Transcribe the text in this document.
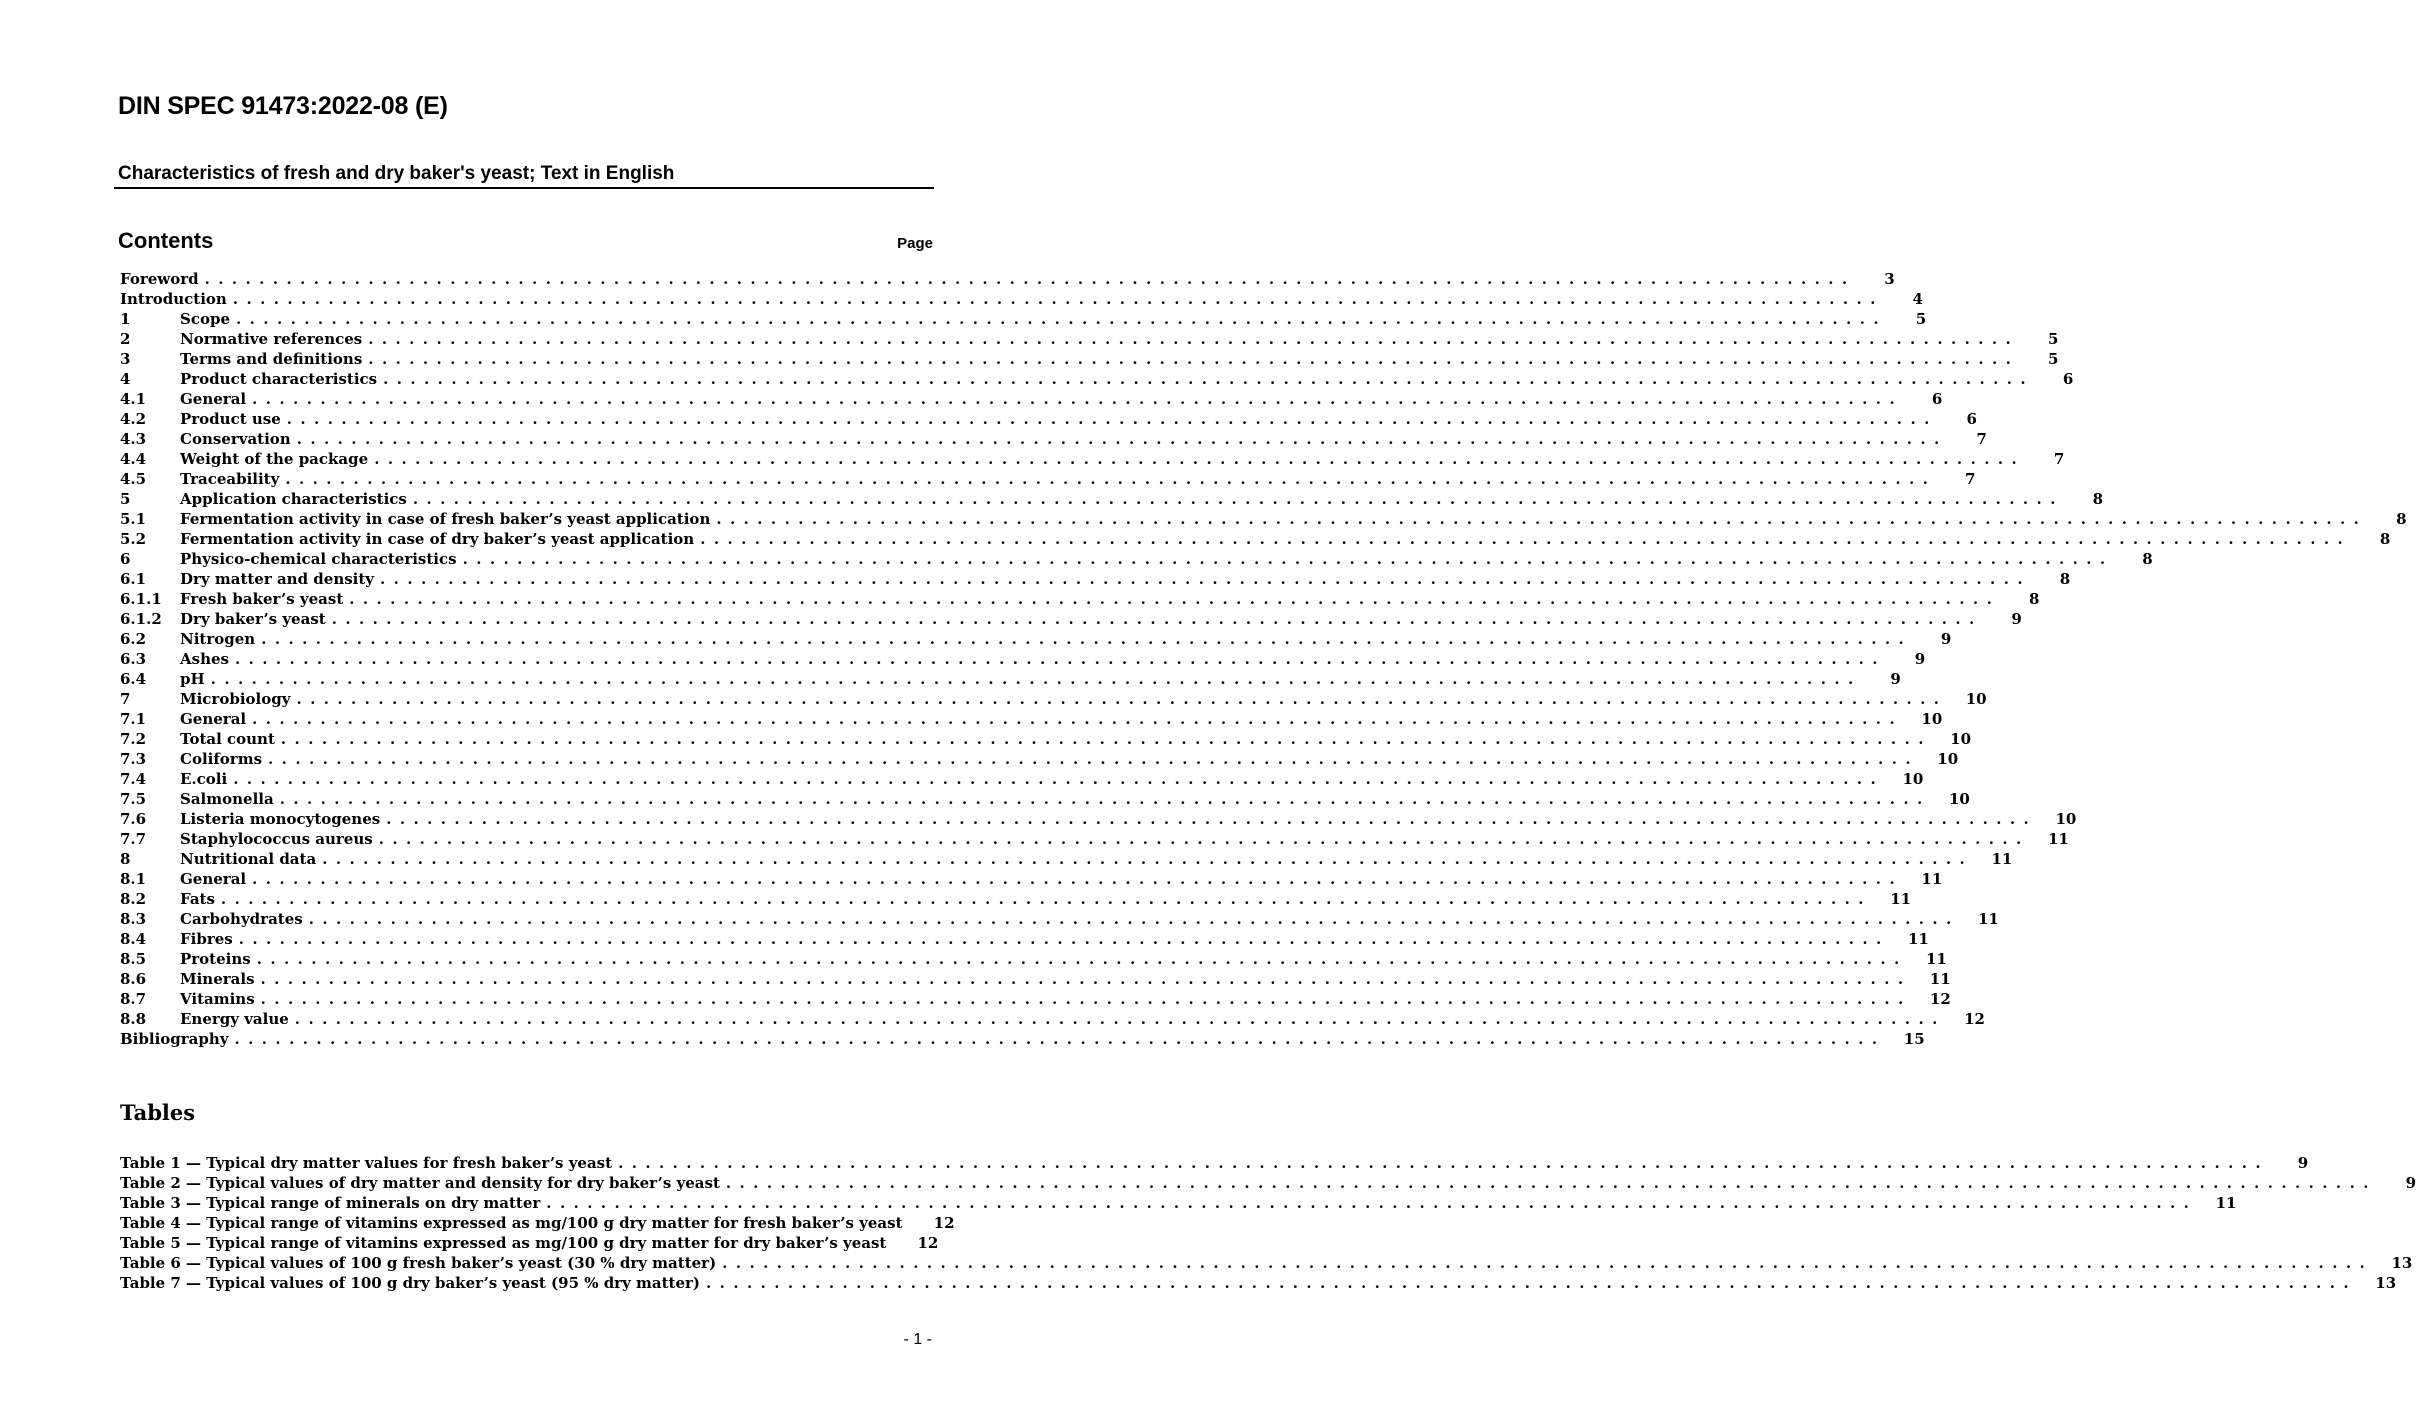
DIN SPEC 91473:2022-08 (E)
Characteristics of fresh and dry baker's yeast; Text in English
Contents	Page
Foreword . . .	3
Introduction . . .	4
1	Scope . . .	5
2	Normative references . . .	5
3	Terms and definitions . . .	5
4	Product characteristics . . .	6
4.1	General . . .	6
4.2	Product use . . .	6
4.3	Conservation . . .	7
4.4	Weight of the package . . .	7
4.5	Traceability . . .	7
5	Application characteristics . . .	8
5.1	Fermentation activity in case of fresh baker’s yeast application . . .	8
5.2	Fermentation activity in case of dry baker’s yeast application . . .	8
6	Physico-chemical characteristics . . .	8
6.1	Dry matter and density . . .	8
6.1.1	Fresh baker’s yeast . . .	8
6.1.2	Dry baker’s yeast . . .	9
6.2	Nitrogen . . .	9
6.3	Ashes . . .	9
6.4	pH . . .	9
7	Microbiology . . .	10
7.1	General . . .	10
7.2	Total count . . .	10
7.3	Coliforms . . .	10
7.4	E.coli . . .	10
7.5	Salmonella . . .	10
7.6	Listeria monocytogenes . . .	10
7.7	Staphylococcus aureus . . .	11
8	Nutritional data . . .	11
8.1	General . . .	11
8.2	Fats . . .	11
8.3	Carbohydrates . . .	11
8.4	Fibres . . .	11
8.5	Proteins . . .	11
8.6	Minerals . . .	11
8.7	Vitamins . . .	12
8.8	Energy value . . .	12
Bibliography . . .	15
Tables
Table 1 — Typical dry matter values for fresh baker’s yeast . . .	9
Table 2 — Typical values of dry matter and density for dry baker’s yeast . . .	9
Table 3 — Typical range of minerals on dry matter . . .	11
Table 4 — Typical range of vitamins expressed as mg/100 g dry matter for fresh baker’s yeast	12
Table 5 — Typical range of vitamins expressed as mg/100 g dry matter for dry baker’s yeast	12
Table 6 — Typical values of 100 g fresh baker’s yeast (30 % dry matter) . . .	13
Table 7 — Typical values of 100 g dry baker’s yeast (95 % dry matter) . . .	13
- 1 -
